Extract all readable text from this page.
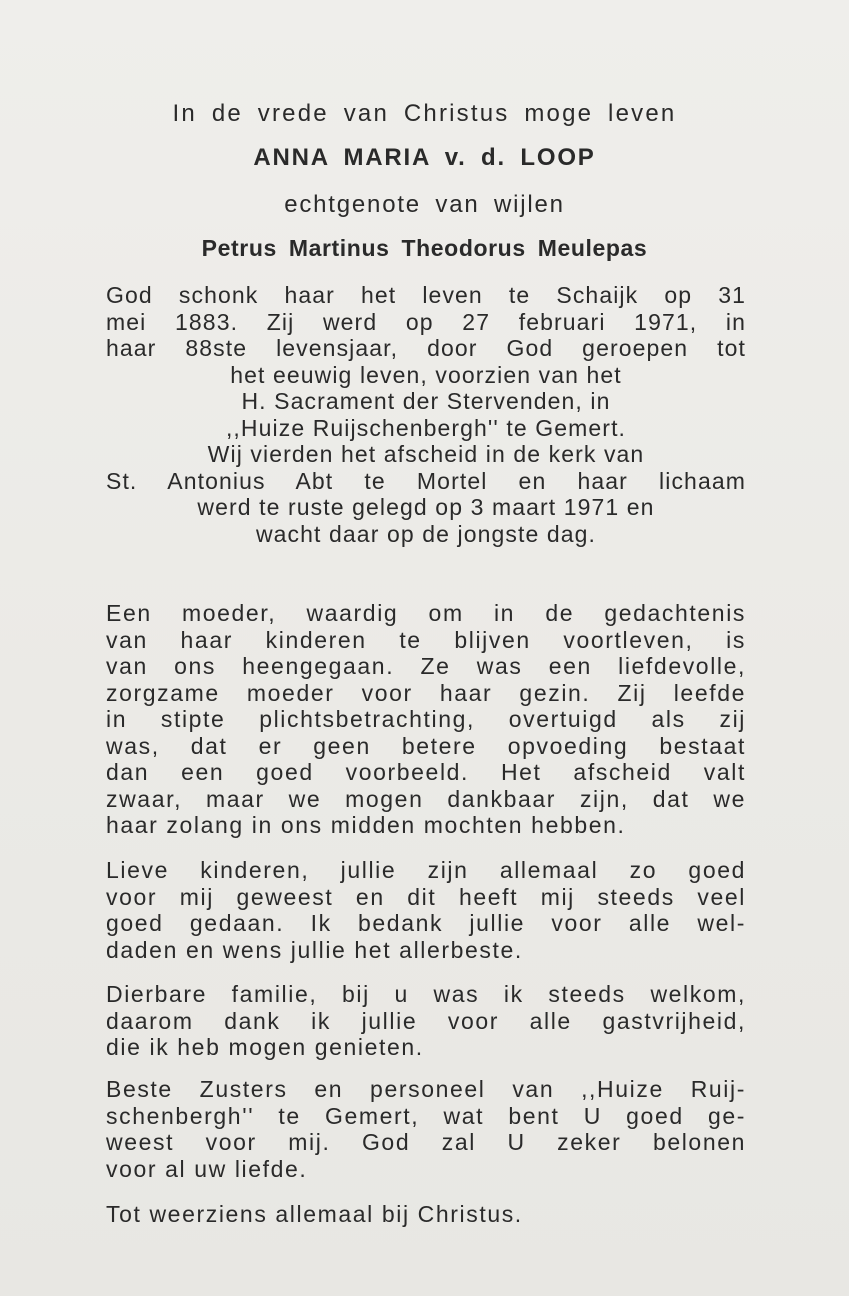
In de vrede van Christus moge leven
ANNA MARIA v. d. LOOP
echtgenote van wijlen
Petrus Martinus Theodorus Meulepas
God schonk haar het leven te Schaijk op 31
mei 1883. Zij werd op 27 februari 1971, in
haar 88ste levensjaar, door God geroepen tot
het eeuwig leven, voorzien van het
H. Sacrament der Stervenden, in
,,Huize Ruijschenbergh'' te Gemert.
Wij vierden het afscheid in de kerk van
St. Antonius Abt te Mortel en haar lichaam
werd te ruste gelegd op 3 maart 1971 en
wacht daar op de jongste dag.
Een moeder, waardig om in de gedachtenis
van haar kinderen te blijven voortleven, is
van ons heengegaan. Ze was een liefdevolle,
zorgzame moeder voor haar gezin. Zij leefde
in stipte plichtsbetrachting, overtuigd als zij
was, dat er geen betere opvoeding bestaat
dan een goed voorbeeld. Het afscheid valt
zwaar, maar we mogen dankbaar zijn, dat we
haar zolang in ons midden mochten hebben.
Lieve kinderen, jullie zijn allemaal zo goed
voor mij geweest en dit heeft mij steeds veel
goed gedaan. Ik bedank jullie voor alle wel-
daden en wens jullie het allerbeste.
Dierbare familie, bij u was ik steeds welkom,
daarom dank ik jullie voor alle gastvrijheid,
die ik heb mogen genieten.
Beste Zusters en personeel van ,,Huize Ruij-
schenbergh'' te Gemert, wat bent U goed ge-
weest voor mij. God zal U zeker belonen
voor al uw liefde.
Tot weerziens allemaal bij Christus.
